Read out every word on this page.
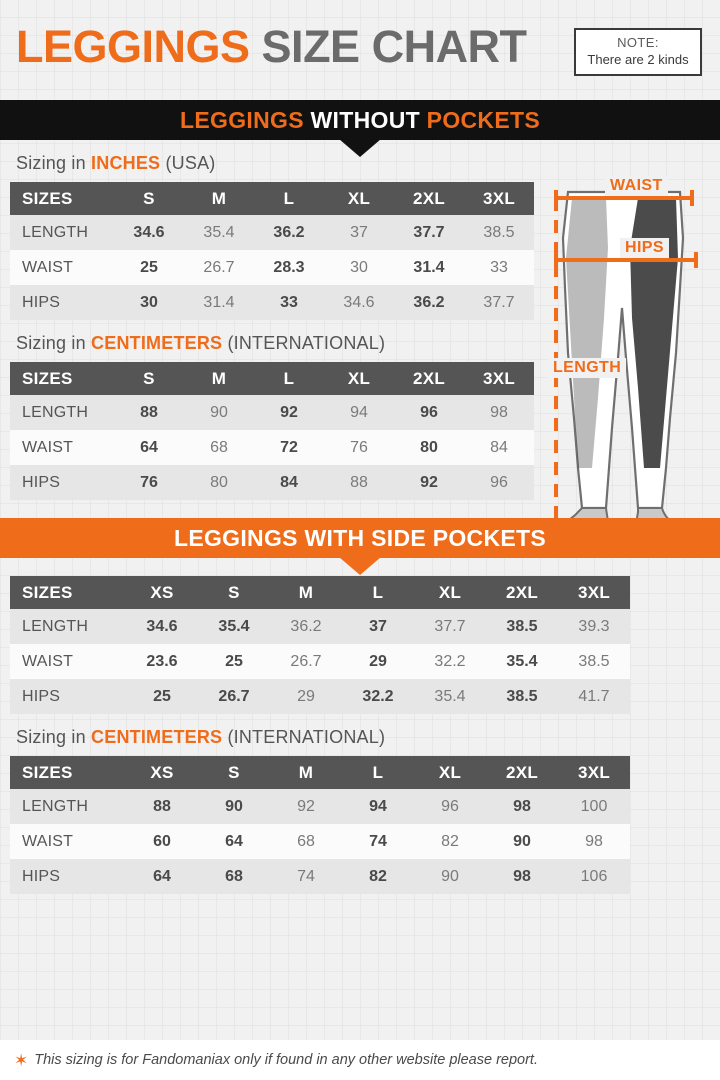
LEGGINGS SIZE CHART	NOTE:
There are 2 kinds
LEGGINGS WITHOUT POCKETS
WAIST
HIPS
LENGTH
Sizing in INCHES (USA)
SIZES	S	M	L	XL	2XL	3XL
LENGTH	34.6	35.4	36.2	37	37.7	38.5
WAIST	25	26.7	28.3	30	31.4	33
HIPS	30	31.4	33	34.6	36.2	37.7
Sizing in CENTIMETERS (INTERNATIONAL)
SIZES	S	M	L	XL	2XL	3XL
LENGTH	88	90	92	94	96	98
WAIST	64	68	72	76	80	84
HIPS	76	80	84	88	92	96
LEGGINGS WITH SIDE POCKETS
SIZES	XS	S	M	L	XL	2XL	3XL
LENGTH	34.6	35.4	36.2	37	37.7	38.5	39.3
WAIST	23.6	25	26.7	29	32.2	35.4	38.5
HIPS	25	26.7	29	32.2	35.4	38.5	41.7
Sizing in CENTIMETERS (INTERNATIONAL)
SIZES	XS	S	M	L	XL	2XL	3XL
LENGTH	88	90	92	94	96	98	100
WAIST	60	64	68	74	82	90	98
HIPS	64	68	74	82	90	98	106
✶ This sizing is for Fandomaniax only if found in any other website please report.
